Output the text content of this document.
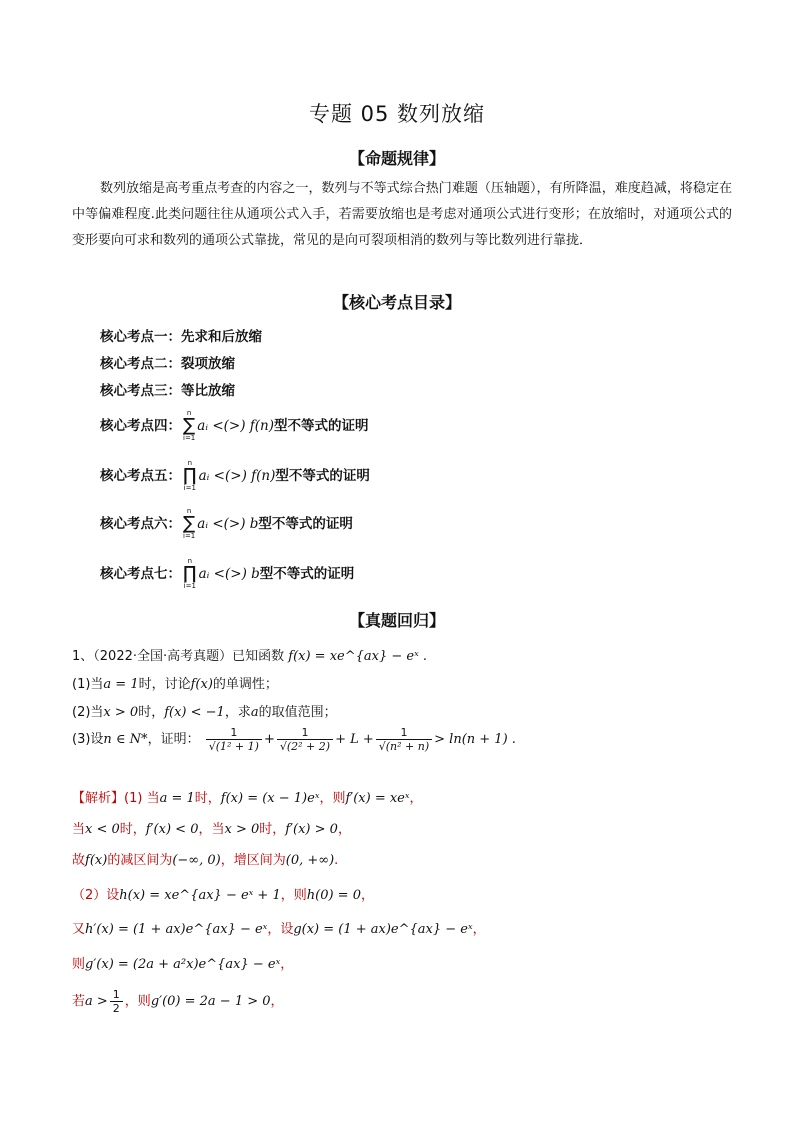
专题 05 数列放缩
【命题规律】
数列放缩是高考重点考查的内容之一，数列与不等式综合热门难题（压轴题），有所降温，难度趋减，将稳定在中等偏难程度.此类问题往往从通项公式入手，若需要放缩也是考虑对通项公式进行变形；在放缩时，对通项公式的变形要向可求和数列的通项公式靠拢，常见的是向可裂项相消的数列与等比数列进行靠拢．
【核心考点目录】
核心考点一：先求和后放缩
核心考点二：裂项放缩
核心考点三：等比放缩
核心考点四：
n
∑
i=1
aᵢ <(>) f(n)型不等式的证明
核心考点五：
n
∏
i=1
aᵢ <(>) f(n)型不等式的证明
核心考点六：
n
∑
i=1
aᵢ <(>) b型不等式的证明
核心考点七：
n
∏
i=1
aᵢ <(>) b型不等式的证明
【真题回归】
1、（2022·全国·高考真题）已知函数 f(x) = xe^{ax} − eˣ .
(1)当a = 1时，讨论f(x)的单调性；
(2)当x > 0时，f(x) < −1，求a的取值范围；
(3)设n ∈ N*，证明： $\frac{1}{\text{√(1² + 1)}} + \frac{1}{\text{√(2² + 2)}} + L + \frac{1}{\text{√(n² + n)}} > \ln(n + 1)$ .
【解析】(1) 当a = 1时，f(x) = (x − 1)eˣ，则f′(x) = xeˣ，
当x < 0时，f′(x) < 0，当x > 0时，f′(x) > 0，
故f(x)的减区间为(−∞, 0)，增区间为(0, +∞).
（2）设h(x) = xe^{ax} − eˣ + 1，则h(0) = 0，
又h′(x) = (1 + ax)e^{ax} − eˣ，设g(x) = (1 + ax)e^{ax} − eˣ，
则g′(x) = (2a + a²x)e^{ax} − eˣ，
若$a > \frac{1}{2}$ ，则g′(0) = 2a − 1 > 0，
